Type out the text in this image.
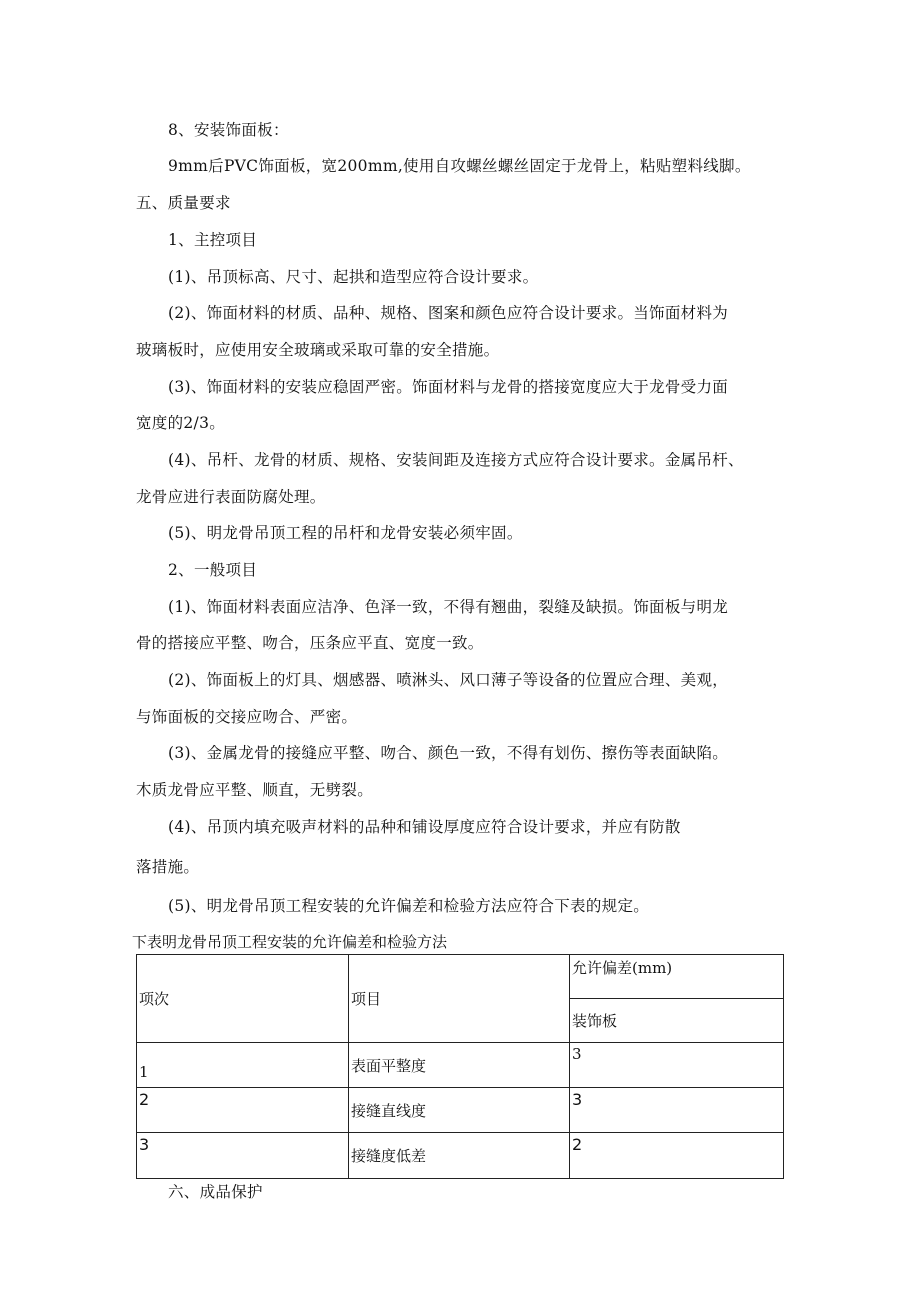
8、安装饰面板：
9mm后PVC饰面板，宽200mm,使用自攻螺丝螺丝固定于龙骨上，粘贴塑料线脚。
五、质量要求
1、主控项目
(1)、吊顶标高、尺寸、起拱和造型应符合设计要求。
(2)、饰面材料的材质、品种、规格、图案和颜色应符合设计要求。当饰面材料为
玻璃板时，应使用安全玻璃或采取可靠的安全措施。
(3)、饰面材料的安装应稳固严密。饰面材料与龙骨的搭接宽度应大于龙骨受力面
宽度的2/3。
(4)、吊杆、龙骨的材质、规格、安装间距及连接方式应符合设计要求。金属吊杆、
龙骨应进行表面防腐处理。
(5)、明龙骨吊顶工程的吊杆和龙骨安装必须牢固。
2、一般项目
(1)、饰面材料表面应洁净、色泽一致，不得有翘曲，裂缝及缺损。饰面板与明龙
骨的搭接应平整、吻合，压条应平直、宽度一致。
(2)、饰面板上的灯具、烟感器、喷淋头、风口薄子等设备的位置应合理、美观，
与饰面板的交接应吻合、严密。
(3)、金属龙骨的接缝应平整、吻合、颜色一致，不得有划伤、擦伤等表面缺陷。
木质龙骨应平整、顺直，无劈裂。
(4)、吊顶内填充吸声材料的品种和铺设厚度应符合设计要求，并应有防散
落措施。
(5)、明龙骨吊顶工程安装的允许偏差和检验方法应符合下表的规定。
下表明龙骨吊顶工程安装的允许偏差和检验方法
项次	项目	允许偏差(mm)
		装饰板
1	表面平整度	3
2	接缝直线度	3
3	接缝度低差	2
六、成品保护
